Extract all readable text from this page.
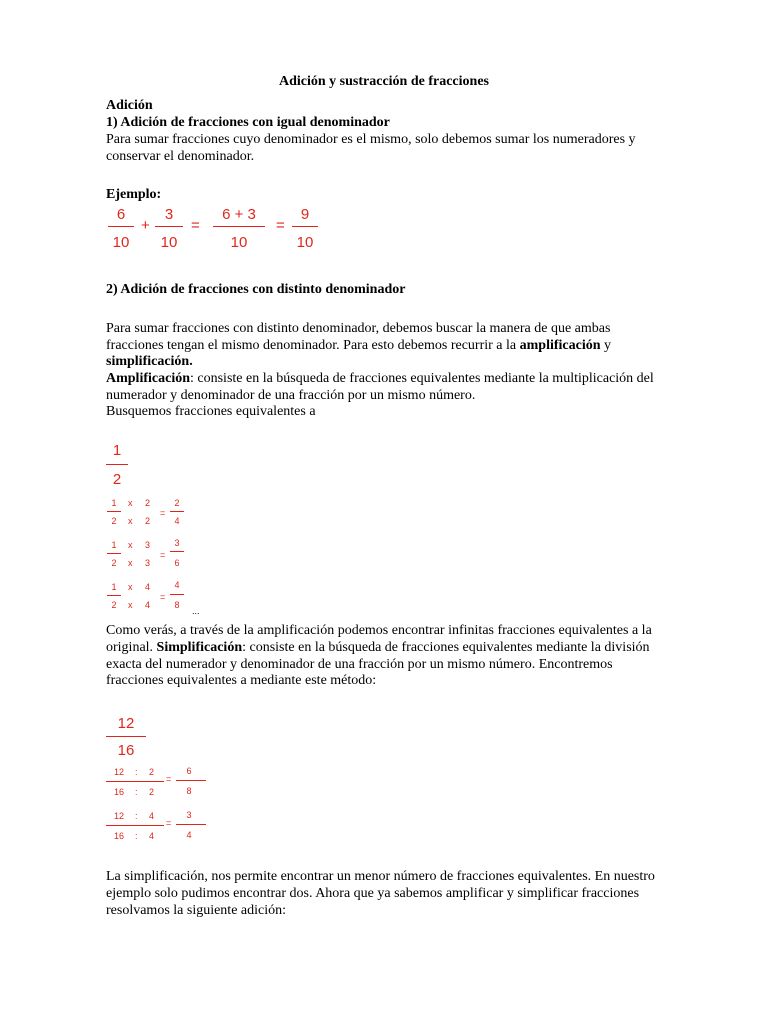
Adición y sustracción de fracciones
Adición
1) Adición de fracciones con igual denominador
Para sumar fracciones cuyo denominador es el mismo, solo debemos sumar los numeradores y
conservar el denominador.
Ejemplo:
6
10
+
3
10
=
6 + 3
10
=
9
10
2) Adición de fracciones con distinto denominador
Para sumar fracciones con distinto denominador, debemos buscar la manera de que ambas
fracciones tengan el mismo denominador. Para esto debemos recurrir a la amplificación y
simplificación.
Amplificación: consiste en la búsqueda de fracciones equivalentes mediante la multiplicación del
numerador y denominador de una fracción por un mismo número.
Busquemos fracciones equivalentes a
1
2
1
2
x
x
2
2
=
2
4
1
2
x
x
3
3
=
3
6
1
2
x
x
4
4
=
4
8
...
Como verás, a través de la amplificación podemos encontrar infinitas fracciones equivalentes a la
original. Simplificación: consiste en la búsqueda de fracciones equivalentes mediante la división
exacta del numerador y denominador de una fracción por un mismo número. Encontremos
fracciones equivalentes a mediante este método:
12
16
12
16
:
:
2
2
=
6
8
12
16
:
:
4
4
=
3
4
La simplificación, nos permite encontrar un menor número de fracciones equivalentes. En nuestro
ejemplo solo pudimos encontrar dos. Ahora que ya sabemos amplificar y simplificar fracciones
resolvamos la siguiente adición:
